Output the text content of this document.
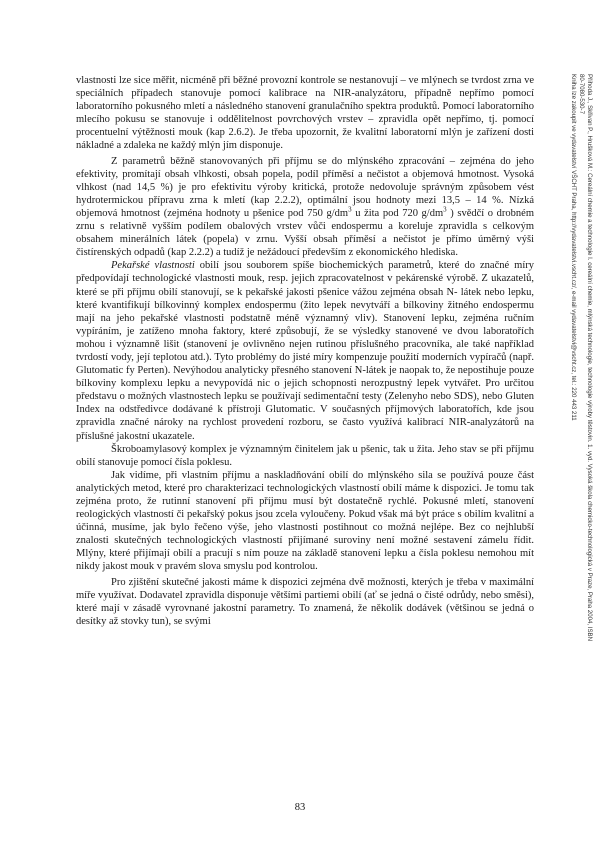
vlastnosti lze sice měřit, nicméně při běžné provozní kontrole se nestanovují – ve mlýnech se tvrdost zrna ve speciálních případech stanovuje pomocí kalibrace na NIR-analyzátoru, případně nepřímo pomocí laboratorního pokusného mletí a následného stanovení granulačního spektra produktů. Pomocí laboratorního mlecího pokusu se stanovuje i oddělitelnost povrchových vrstev – zpravidla opět nepřímo, tj. pomocí procentuelní výtěžnosti mouk (kap 2.6.2). Je třeba upozornit, že kvalitní laboratorní mlýn je zařízení dosti nákladné a zdaleka ne každý mlýn jím disponuje.

Z parametrů běžně stanovovaných při příjmu se do mlýnského zpracování – zejména do jeho efektivity, promítají obsah vlhkosti, obsah popela, podíl příměsí a nečistot a objemová hmotnost. Vysoká vlhkost (nad 14,5 %) je pro efektivitu výroby kritická, protože nedovoluje správným způsobem vést hydrotermickou přípravu zrna k mletí (kap 2.2.2), optimální jsou hodnoty mezi 13,5 – 14 %. Nízká objemová hmotnost (zejména hodnoty u pšenice pod 750 $g/dm^3$ u žita pod 720 $g/dm^3$ ) svědčí o drobném zrnu s relativně vyšším podílem obalových vrstev vůči endospermu a koreluje zpravidla s celkovým obsahem minerálních látek (popela) v zrnu. Vyšší obsah příměsí a nečistot je přímo úměrný výši čistírenských odpadů (kap 2.2.2) a tudíž je nežádoucí především z ekonomického hlediska.

Pekařské vlastnosti obilí jsou souborem spíše biochemických parametrů, které do značné míry předpovídají technologické vlastnosti mouk, resp. jejich zpracovatelnost v pekárenské výrobě. Z ukazatelů, které se při příjmu obilí stanovují, se k pekařské jakosti pšenice vážou zejména obsah N- látek nebo lepku, které kvantifikují bílkovinný komplex endospermu (žito lepek nevytváří a bílkoviny žitného endospermu mají na jeho pekařské vlastnosti podstatně méně významný vliv). Stanovení lepku, zejména ručním vypíráním, je zatíženo mnoha faktory, které způsobují, že se výsledky stanovené ve dvou laboratořích mohou i významně lišit (stanovení je ovlivněno nejen rutinou příslušného pracovníka, ale také například tvrdostí vody, její teplotou atd.). Tyto problémy do jisté míry kompenzuje použití moderních vypíračů (např. Glutomatic fy Perten). Nevýhodou analyticky přesného stanovení N-látek je naopak to, že nepostihuje pouze bílkoviny komplexu lepku a nevypovídá nic o jejich schopnosti nerozpustný lepek vytvářet. Pro určitou představu o možných vlastnostech lepku se používají sedimentační testy (Zelenyho nebo SDS), nebo Gluten Index na odstředivce dodávané k přístroji Glutomatic. V současných příjmových laboratořích, kde jsou zpravidla značné nároky na rychlost provedení rozboru, se často využívá kalibrací NIR-analyzátorů na příslušné jakostní ukazatele.

Škroboamylasový komplex je významným činitelem jak u pšenic, tak u žita. Jeho stav se při příjmu obilí stanovuje pomocí čísla poklesu.

Jak vidíme, při vlastním příjmu a naskladňování obilí do mlýnského sila se používá pouze část analytických metod, které pro charakterizaci technologických vlastností obilí máme k dispozici. Je tomu tak zejména proto, že rutinní stanovení při příjmu musí být dostatečně rychlé. Pokusné mletí, stanovení reologických vlastností či pekařský pokus jsou zcela vyloučeny. Pokud však má být práce s obilím kvalitní a účinná, musíme, jak bylo řečeno výše, jeho vlastnosti postihnout co možná nejlépe. Bez co nejhlubší znalosti skutečných technologických vlastností přijímané suroviny není možné sestavení zámelu řídit. Mlýny, které přijímají obilí a pracují s ním pouze na základě stanovení lepku a čísla poklesu nemohou mít nikdy jakost mouk v pravém slova smyslu pod kontrolou.

Pro zjištění skutečné jakosti máme k dispozici zejména dvě možnosti, kterých je třeba v maximální míře využívat. Dodavatel zpravidla disponuje většími partiemi obilí (ať se jedná o čisté odrůdy, nebo směsi), které mají v zásadě vyrovnané jakostní parametry. To znamená, že několik dodávek (většinou se jedná o desítky až stovky tun), se svými

83
Příhoda J., Skřivan P., Hrušková M.: Cereální chemie a technologie I. cereální chemie, mlýnská technologie, technologie výroby těstovin. 1. vyd. Vysoká škola chemicko-technologická v Praze, Praha 2004, ISBN
80-7080-530-7
Kniha lze zakoupit ve vydavatelství VŠCHT Praha, http://vydavatelstvi.vscht.cz/, e-mail vydavatelstvi@vscht.cz, tel.: 220 443 211
